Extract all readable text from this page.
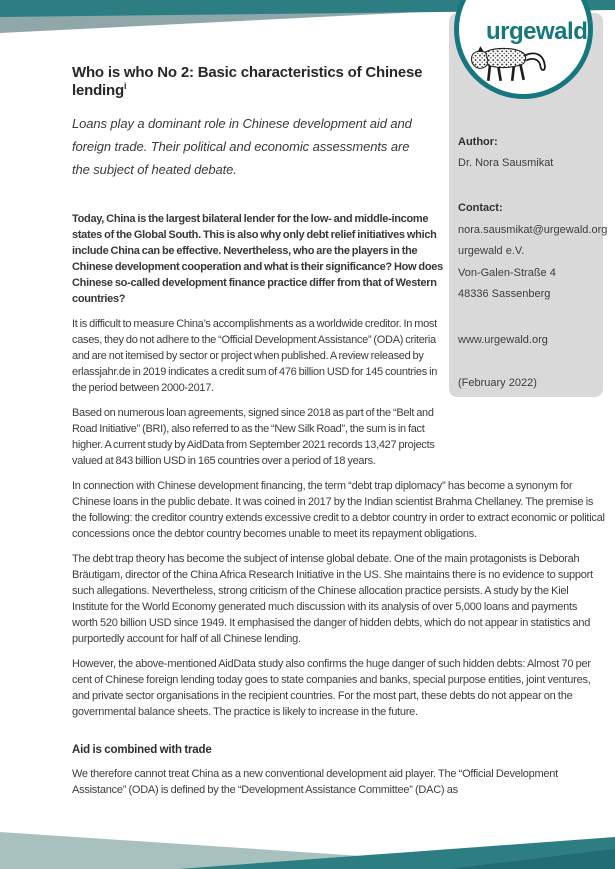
Author:
Dr. Nora Sausmikat
Contact:
nora.sausmikat@urgewald.org
urgewald e.V.
Von-Galen-Straße 4
48336 Sassenberg
www.urgewald.org
(February 2022)
urgewald
Who is who No 2: Basic characteristics of Chinese lending$^i$

Loans play a dominant role in Chinese development aid and foreign trade. Their political and economic assessments are the subject of heated debate.

Today, China is the largest bilateral lender for the low- and middle-income states of the Global South. This is also why only debt relief initiatives which include China can be effective. Nevertheless, who are the players in the Chinese development cooperation and what is their significance? How does Chinese so-called development finance practice differ from that of Western countries?

It is difficult to measure China’s accomplishments as a worldwide creditor. In most cases, they do not adhere to the “Official Development Assistance” (ODA) criteria and are not itemised by sector or project when published. A review released by erlassjahr.de in 2019 indicates a credit sum of 476 billion USD for 145 countries in the period between 2000-2017.

Based on numerous loan agreements, signed since 2018 as part of the “Belt and Road Initiative” (BRI), also referred to as the “New Silk Road”, the sum is in fact higher. A current study by AidData from September 2021 records 13,427 projects valued at 843 billion USD in 165 countries over a period of 18 years.

In connection with Chinese development financing, the term “debt trap diplomacy” has become a synonym for Chinese loans in the public debate. It was coined in 2017 by the Indian scientist Brahma Chellaney. The premise is the following: the creditor country extends excessive credit to a debtor country in order to extract economic or political concessions once the debtor country becomes unable to meet its repayment obligations.

The debt trap theory has become the subject of intense global debate. One of the main protagonists is Deborah Bräutigam, director of the China Africa Research Initiative in the US. She maintains there is no evidence to support such allegations. Nevertheless, strong criticism of the Chinese allocation practice persists. A study by the Kiel Institute for the World Economy generated much discussion with its analysis of over 5,000 loans and payments worth 520 billion USD since 1949. It emphasised the danger of hidden debts, which do not appear in statistics and purportedly account for half of all Chinese lending.

However, the above-mentioned AidData study also confirms the huge danger of such hidden debts: Almost 70 per cent of Chinese foreign lending today goes to state companies and banks, special purpose entities, joint ventures, and private sector organisations in the recipient countries. For the most part, these debts do not appear on the governmental balance sheets. The practice is likely to increase in the future.

Aid is combined with trade

We therefore cannot treat China as a new conventional development aid player. The “Official Development Assistance” (ODA) is defined by the “Development Assistance Committee” (DAC) as
